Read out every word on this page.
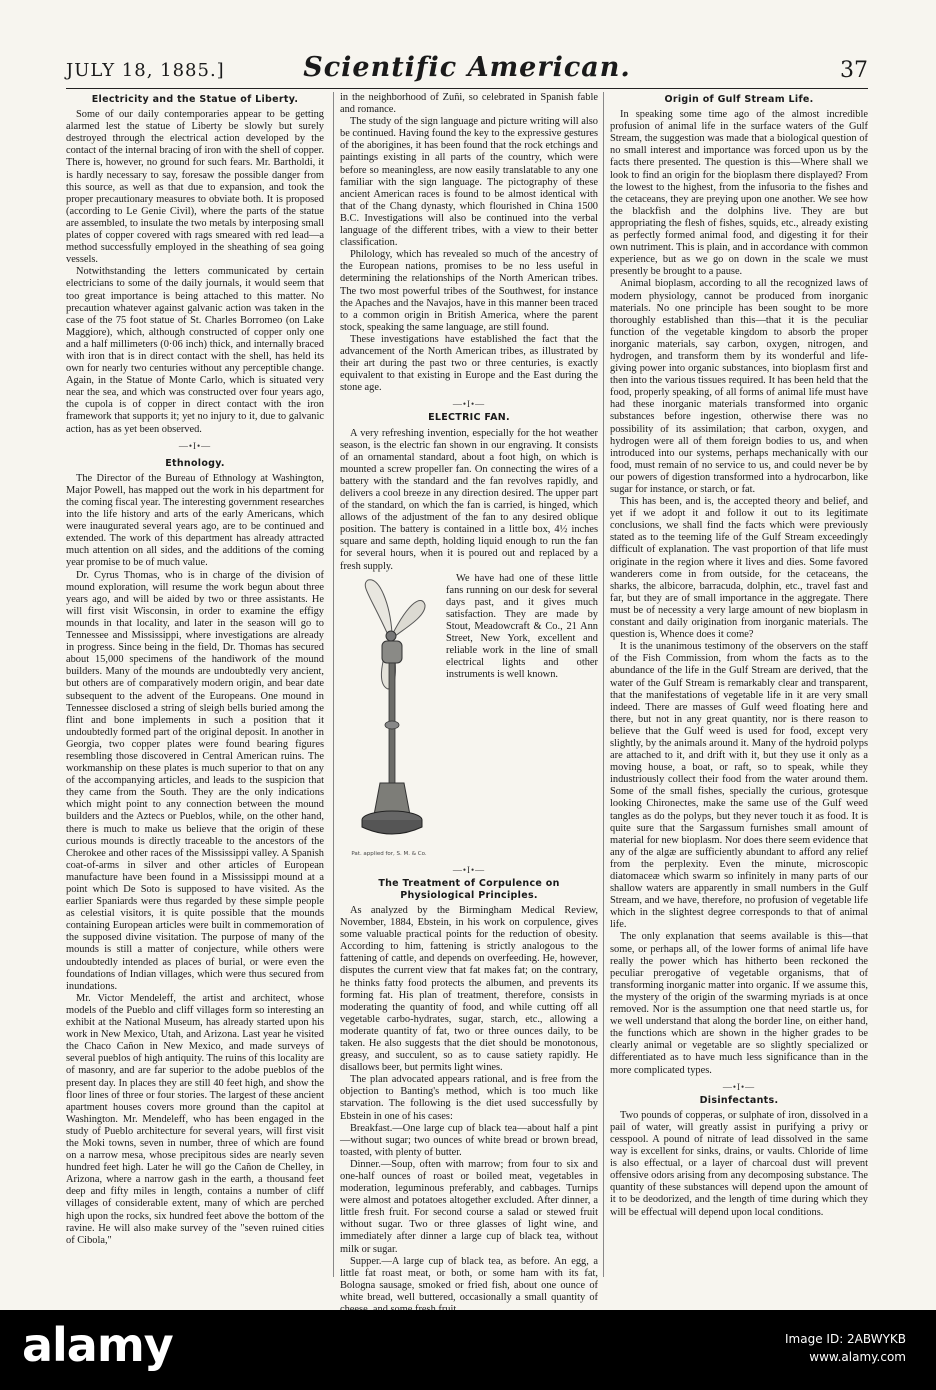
JULY 18, 1885.]	Scientific American.	37
Electricity and the Statue of Liberty.

Some of our daily contemporaries appear to be getting alarmed lest the statue of Liberty be slowly but surely destroyed through the electrical action developed by the contact of the internal bracing of iron with the shell of copper. There is, however, no ground for such fears. Mr. Bartholdi, it is hardly necessary to say, foresaw the possible danger from this source, as well as that due to expansion, and took the proper precautionary measures to obviate both. It is proposed (according to Le Genie Civil), where the parts of the statue are assembled, to insulate the two metals by interposing small plates of copper covered with rags smeared with red lead—a method successfully employed in the sheathing of sea going vessels.

Notwithstanding the letters communicated by certain electricians to some of the daily journals, it would seem that too great importance is being attached to this matter. No precaution whatever against galvanic action was taken in the case of the 75 foot statue of St. Charles Borromeo (on Lake Maggiore), which, although constructed of copper only one and a half millimeters (0·06 inch) thick, and internally braced with iron that is in direct contact with the shell, has held its own for nearly two centuries without any perceptible change. Again, in the Statue of Monte Carlo, which is situated very near the sea, and which was constructed over four years ago, the cupola is of copper in direct contact with the iron framework that supports it; yet no injury to it, due to galvanic action, has as yet been observed.

—•I•—
Ethnology.

The Director of the Bureau of Ethnology at Washington, Major Powell, has mapped out the work in his department for the coming fiscal year. The interesting government researches into the life history and arts of the early Americans, which were inaugurated several years ago, are to be continued and extended. The work of this department has already attracted much attention on all sides, and the additions of the coming year promise to be of much value.

Dr. Cyrus Thomas, who is in charge of the division of mound exploration, will resume the work begun about three years ago, and will be aided by two or three assistants. He will first visit Wisconsin, in order to examine the effigy mounds in that locality, and later in the season will go to Tennessee and Mississippi, where investigations are already in progress. Since being in the field, Dr. Thomas has secured about 15,000 specimens of the handiwork of the mound builders. Many of the mounds are undoubtedly very ancient, but others are of comparatively modern origin, and bear date subsequent to the advent of the Europeans. One mound in Tennessee disclosed a string of sleigh bells buried among the flint and bone implements in such a position that it undoubtedly formed part of the original deposit. In another in Georgia, two copper plates were found bearing figures resembling those discovered in Central American ruins. The workmanship on these plates is much superior to that on any of the accompanying articles, and leads to the suspicion that they came from the South. They are the only indications which might point to any connection between the mound builders and the Aztecs or Pueblos, while, on the other hand, there is much to make us believe that the origin of these curious mounds is directly traceable to the ancestors of the Cherokee and other races of the Mississippi valley. A Spanish coat-of-arms in silver and other articles of European manufacture have been found in a Mississippi mound at a point which De Soto is supposed to have visited. As the earlier Spaniards were thus regarded by these simple people as celestial visitors, it is quite possible that the mounds containing European articles were built in commemoration of the supposed divine visitation. The purpose of many of the mounds is still a matter of conjecture, while others were undoubtedly intended as places of burial, or were even the foundations of Indian villages, which were thus secured from inundations.

Mr. Victor Mendeleff, the artist and architect, whose models of the Pueblo and cliff villages form so interesting an exhibit at the National Museum, has already started upon his work in New Mexico, Utah, and Arizona. Last year he visited the Chaco Cañon in New Mexico, and made surveys of several pueblos of high antiquity. The ruins of this locality are of masonry, and are far superior to the adobe pueblos of the present day. In places they are still 40 feet high, and show the floor lines of three or four stories. The largest of these ancient apartment houses covers more ground than the capitol at Washington. Mr. Mendeleff, who has been engaged in the study of Pueblo architecture for several years, will first visit the Moki towns, seven in number, three of which are found on a narrow mesa, whose precipitous sides are nearly seven hundred feet high. Later he will go the Cañon de Chelley, in Arizona, where a narrow gash in the earth, a thousand feet deep and fifty miles in length, contains a number of cliff villages of considerable extent, many of which are perched high upon the rocks, six hundred feet above the bottom of the ravine. He will also make survey of the "seven ruined cities of Cibola,"

in the neighborhood of Zuñi, so celebrated in Spanish fable and romance.

The study of the sign language and picture writing will also be continued. Having found the key to the expressive gestures of the aborigines, it has been found that the rock etchings and paintings existing in all parts of the country, which were before so meaningless, are now easily translatable to any one familiar with the sign language. The pictography of these ancient American races is found to be almost identical with that of the Chang dynasty, which flourished in China 1500 B.C. Investigations will also be continued into the verbal language of the different tribes, with a view to their better classification.

Philology, which has revealed so much of the ancestry of the European nations, promises to be no less useful in determining the relationships of the North American tribes. The two most powerful tribes of the Southwest, for instance the Apaches and the Navajos, have in this manner been traced to a common origin in British America, where the parent stock, speaking the same language, are still found.

These investigations have established the fact that the advancement of the North American tribes, as illustrated by their art during the past two or three centuries, is exactly equivalent to that existing in Europe and the East during the stone age.

—•I•—
ELECTRIC FAN.

A very refreshing invention, especially for the hot weather season, is the electric fan shown in our engraving. It consists of an ornamental standard, about a foot high, on which is mounted a screw propeller fan. On connecting the wires of a battery with the standard and the fan revolves rapidly, and delivers a cool breeze in any direction desired. The upper part of the standard, on which the fan is carried, is hinged, which allows of the adjustment of the fan to any desired oblique position. The battery is contained in a little box, 4½ inches square and same depth, holding liquid enough to run the fan for several hours, when it is poured out and replaced by a fresh supply.

Pat. applied for, S. M. & Co.

We have had one of these little fans running on our desk for several days past, and it gives much satisfaction. They are made by Stout, Meadowcraft & Co., 21 Ann Street, New York, excellent and reliable work in the line of small electrical lights and other instruments is well known.

—•I•—
The Treatment of Corpulence on Physiological Principles.

As analyzed by the Birmingham Medical Review, November, 1884, Ebstein, in his work on corpulence, gives some valuable practical points for the reduction of obesity. According to him, fattening is strictly analogous to the fattening of cattle, and depends on overfeeding. He, however, disputes the current view that fat makes fat; on the contrary, he thinks fatty food protects the albumen, and prevents its forming fat. His plan of treatment, therefore, consists in moderating the quantity of food, and while cutting off all vegetable carbo-hydrates, sugar, starch, etc., allowing a moderate quantity of fat, two or three ounces daily, to be taken. He also suggests that the diet should be monotonous, greasy, and succulent, so as to cause satiety rapidly. He disallows beer, but permits light wines.

The plan advocated appears rational, and is free from the objection to Banting's method, which is too much like starvation. The following is the diet used successfully by Ebstein in one of his cases:

Breakfast.—One large cup of black tea—about half a pint—without sugar; two ounces of white bread or brown bread, toasted, with plenty of butter.

Dinner.—Soup, often with marrow; from four to six and one-half ounces of roast or boiled meat, vegetables in moderation, leguminous preferably, and cabbages. Turnips were almost and potatoes altogether excluded. After dinner, a little fresh fruit. For second course a salad or stewed fruit without sugar. Two or three glasses of light wine, and immediately after dinner a large cup of black tea, without milk or sugar.

Supper.—A large cup of black tea, as before. An egg, a little fat roast meat, or both, or some ham with its fat, Bologna sausage, smoked or fried fish, about one ounce of white bread, well buttered, occasionally a small quantity of

Origin of Gulf Stream Life.

In speaking some time ago of the almost incredible profusion of animal life in the surface waters of the Gulf Stream, the suggestion was made that a biological question of no small interest and importance was forced upon us by the facts there presented. The question is this—Where shall we look to find an origin for the bioplasm there displayed? From the lowest to the highest, from the infusoria to the fishes and the cetaceans, they are preying upon one another. We see how the blackfish and the dolphins live. They are but appropriating the flesh of fishes, squids, etc., already existing as perfectly formed animal food, and digesting it for their own nutriment. This is plain, and in accordance with common experience, but as we go on down in the scale we must presently be brought to a pause.

Animal bioplasm, according to all the recognized laws of modern physiology, cannot be produced from inorganic materials. No one principle has been sought to be more thoroughly established than this—that it is the peculiar function of the vegetable kingdom to absorb the proper inorganic materials, say carbon, oxygen, nitrogen, and hydrogen, and transform them by its wonderful and life-giving power into organic substances, into bioplasm first and then into the various tissues required. It has been held that the food, properly speaking, of all forms of animal life must have had these inorganic materials transformed into organic substances before ingestion, otherwise there was no possibility of its assimilation; that carbon, oxygen, and hydrogen were all of them foreign bodies to us, and when introduced into our systems, perhaps mechanically with our food, must remain of no service to us, and could never be by our powers of digestion transformed into a hydrocarbon, like sugar for instance, or starch, or fat.

This has been, and is, the accepted theory and belief, and yet if we adopt it and follow it out to its legitimate conclusions, we shall find the facts which were previously stated as to the teeming life of the Gulf Stream exceedingly difficult of explanation. The vast proportion of that life must originate in the region where it lives and dies. Some favored wanderers come in from outside, for the cetaceans, the sharks, the albicore, barracuda, dolphin, etc., travel fast and far, but they are of small importance in the aggregate. There must be of necessity a very large amount of new bioplasm in constant and daily origination from inorganic materials. The question is, Whence does it come?

It is the unanimous testimony of the observers on the staff of the Fish Commission, from whom the facts as to the abundance of the life in the Gulf Stream are derived, that the water of the Gulf Stream is remarkably clear and transparent, that the manifestations of vegetable life in it are very small indeed. There are masses of Gulf weed floating here and there, but not in any great quantity, nor is there reason to believe that the Gulf weed is used for food, except very slightly, by the animals around it. Many of the hydroid polyps are attached to it, and drift with it, but they use it only as a moving house, a boat, or raft, so to speak, while they industriously collect their food from the water around them. Some of the small fishes, specially the curious, grotesque looking Chironectes, make the same use of the Gulf weed tangles as do the polyps, but they never touch it as food. It is quite sure that the Sargassum furnishes small amount of material for new bioplasm. Nor does there seem evidence that any of the algæ are sufficiently abundant to afford any relief from the perplexity. Even the minute, microscopic diatomaceæ which swarm so infinitely in many parts of our shallow waters are apparently in small numbers in the Gulf Stream, and we have, therefore, no profusion of vegetable life which in the slightest degree corresponds to that of animal life.

The only explanation that seems available is this—that some, or perhaps all, of the lower forms of animal life have really the power which has hitherto been reckoned the peculiar prerogative of vegetable organisms, that of transforming inorganic matter into organic. If we assume this, the mystery of the origin of the swarming myriads is at once removed. Nor is the assumption one that need startle us, for we well understand that along the border line, on either hand, the functions which are shown in the higher grades to be clearly animal or vegetable are so slightly specialized or differentiated as to have much less significance than in the more complicated types.

—•I•—
Disinfectants.

Two pounds of copperas, or sulphate of iron, dissolved in a pail of water, will greatly assist in purifying a privy or cesspool. A pound of nitrate of lead dissolved in the same way is excellent for sinks, drains, or vaults. Chloride of lime is also effectual, or a layer of charcoal dust will prevent offensive odors arising from any decomposing substance. The quantity of these substances will depend upon the amount of it to be deodorized, and the length of time during which they will be effectual will depend upon local conditions.

alamy	Image ID: 2ABWYKB
www.alamy.com
